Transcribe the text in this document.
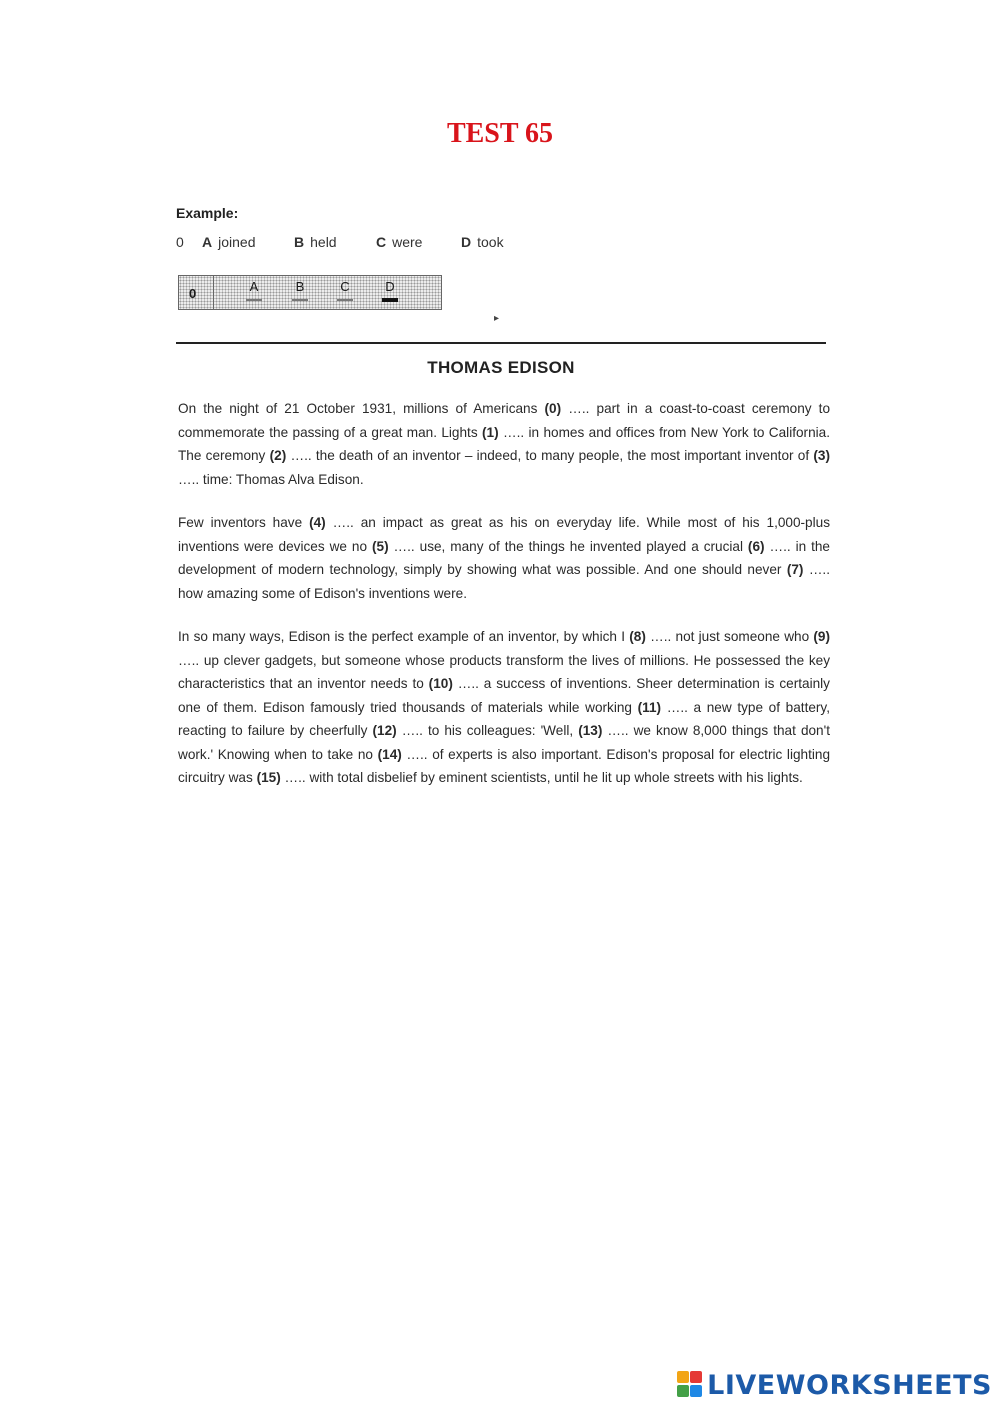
TEST 65
Example:
0 A joined	B held	C were	D took
0	A	B	C	D
▸
THOMAS EDISON
On the night of 21 October 1931, millions of Americans (0) ….. part in a coast-to-coast ceremony to commemorate the passing of a great man. Lights (1) ….. in homes and offices from New York to California. The ceremony (2) ….. the death of an inventor – indeed, to many people, the most important inventor of (3) ….. time: Thomas Alva Edison.
Few inventors have (4) ….. an impact as great as his on everyday life. While most of his 1,000-plus inventions were devices we no (5) ….. use, many of the things he invented played a crucial (6) ….. in the development of modern technology, simply by showing what was possible. And one should never (7) ….. how amazing some of Edison's inventions were.
In so many ways, Edison is the perfect example of an inventor, by which I (8) ….. not just someone who (9) ….. up clever gadgets, but someone whose products transform the lives of millions. He possessed the key characteristics that an inventor needs to (10) ….. a success of inventions. Sheer determination is certainly one of them. Edison famously tried thousands of materials while working (11) ….. a new type of battery, reacting to failure by cheerfully (12) ….. to his colleagues: 'Well, (13) ….. we know 8,000 things that don't work.' Knowing when to take no (14) ….. of experts is also important. Edison's proposal for electric lighting circuitry was (15) ….. with total disbelief by eminent scientists, until he lit up whole streets with his lights.
LIVEWORKSHEETS
